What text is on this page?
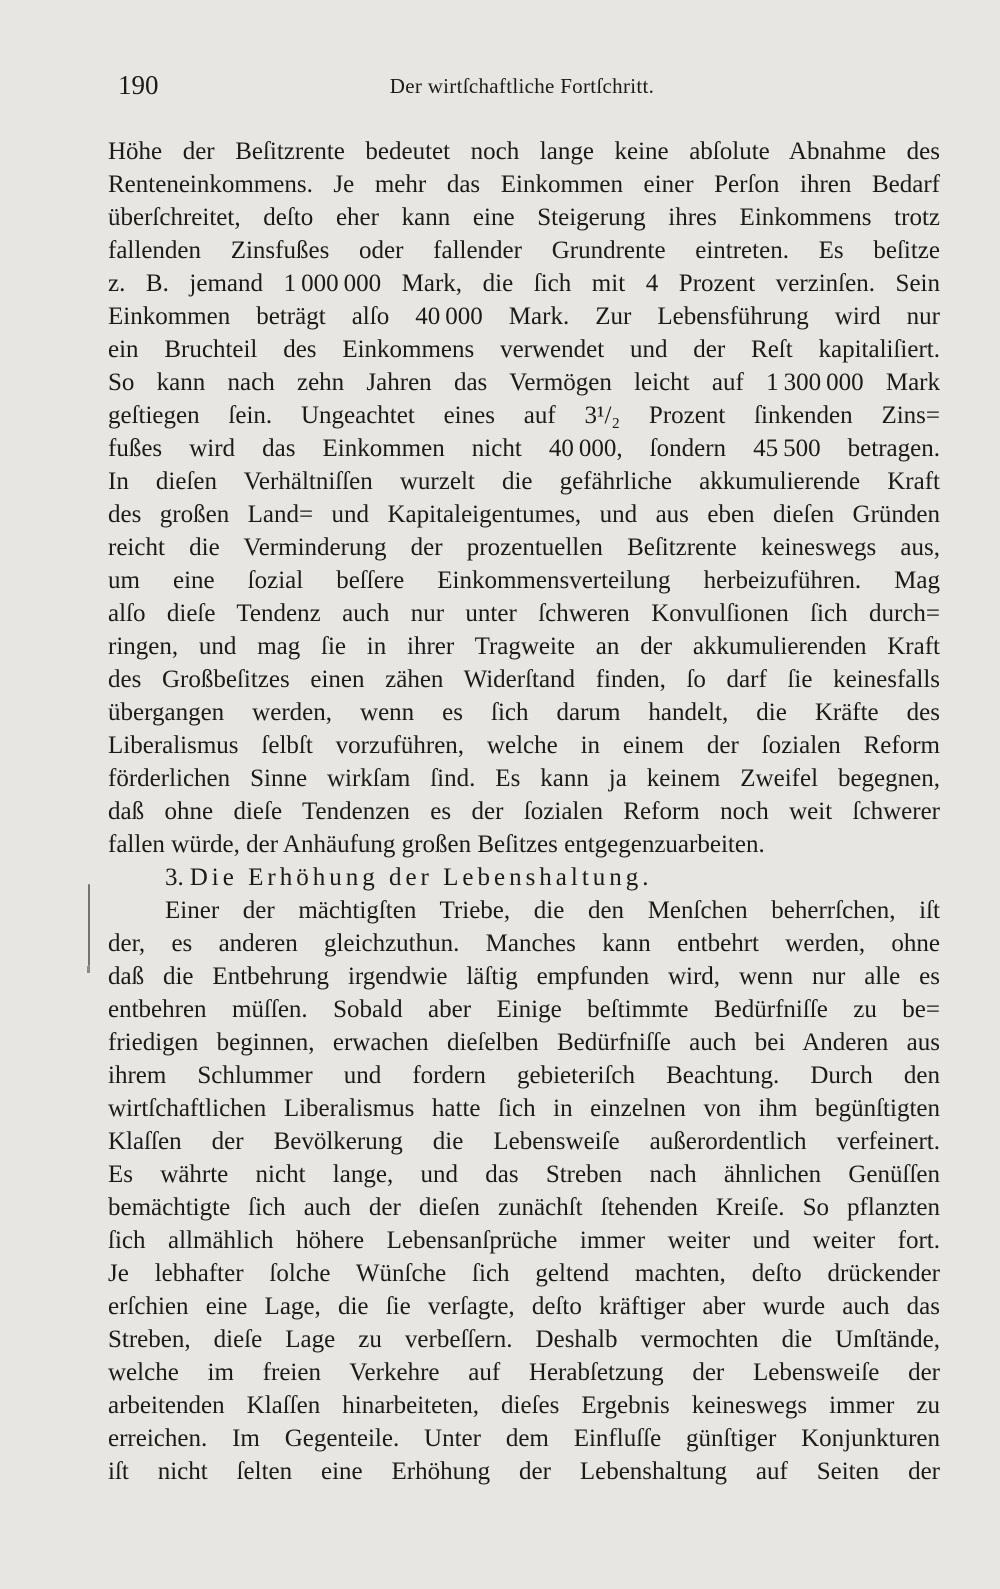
190	Der wirtſchaftliche Fortſchritt.
Höhe der Beſitzrente bedeutet noch lange keine abſolute Abnahme des
Renteneinkommens. Je mehr das Einkommen einer Perſon ihren Bedarf
überſchreitet, deſto eher kann eine Steigerung ihres Einkommens trotz
fallenden Zinsfußes oder fallender Grundrente eintreten. Es beſitze
z. B. jemand 1 000 000 Mark, die ſich mit 4 Prozent verzinſen. Sein
Einkommen beträgt alſo 40 000 Mark. Zur Lebensführung wird nur
ein Bruchteil des Einkommens verwendet und der Reſt kapitaliſiert.
So kann nach zehn Jahren das Vermögen leicht auf 1 300 000 Mark
geſtiegen ſein. Ungeachtet eines auf 3¹/₂ Prozent ſinkenden Zins=
fußes wird das Einkommen nicht 40 000, ſondern 45 500 betragen.
In dieſen Verhältniſſen wurzelt die gefährliche akkumulierende Kraft
des großen Land= und Kapitaleigentumes, und aus eben dieſen Gründen
reicht die Verminderung der prozentuellen Beſitzrente keineswegs aus,
um eine ſozial beſſere Einkommensverteilung herbeizuführen. Mag
alſo dieſe Tendenz auch nur unter ſchweren Konvulſionen ſich durch=
ringen, und mag ſie in ihrer Tragweite an der akkumulierenden Kraft
des Großbeſitzes einen zähen Widerſtand finden, ſo darf ſie keinesfalls
übergangen werden, wenn es ſich darum handelt, die Kräfte des
Liberalismus ſelbſt vorzuführen, welche in einem der ſozialen Reform
förderlichen Sinne wirkſam ſind. Es kann ja keinem Zweifel begegnen,
daß ohne dieſe Tendenzen es der ſozialen Reform noch weit ſchwerer
fallen würde, der Anhäufung großen Beſitzes entgegenzuarbeiten.
3. Die Erhöhung der Lebenshaltung.
Einer der mächtigſten Triebe, die den Menſchen beherrſchen, iſt
der, es anderen gleichzuthun. Manches kann entbehrt werden, ohne
daß die Entbehrung irgendwie läſtig empfunden wird, wenn nur alle es
entbehren müſſen. Sobald aber Einige beſtimmte Bedürfniſſe zu be=
friedigen beginnen, erwachen dieſelben Bedürfniſſe auch bei Anderen aus
ihrem Schlummer und fordern gebieteriſch Beachtung. Durch den
wirtſchaftlichen Liberalismus hatte ſich in einzelnen von ihm begünſtigten
Klaſſen der Bevölkerung die Lebensweiſe außerordentlich verfeinert.
Es währte nicht lange, und das Streben nach ähnlichen Genüſſen
bemächtigte ſich auch der dieſen zunächſt ſtehenden Kreiſe. So pflanzten
ſich allmählich höhere Lebensanſprüche immer weiter und weiter fort.
Je lebhafter ſolche Wünſche ſich geltend machten, deſto drückender
erſchien eine Lage, die ſie verſagte, deſto kräftiger aber wurde auch das
Streben, dieſe Lage zu verbeſſern. Deshalb vermochten die Umſtände,
welche im freien Verkehre auf Herabſetzung der Lebensweiſe der
arbeitenden Klaſſen hinarbeiteten, dieſes Ergebnis keineswegs immer zu
erreichen. Im Gegenteile. Unter dem Einfluſſe günſtiger Konjunkturen
iſt nicht ſelten eine Erhöhung der Lebenshaltung auf Seiten der
